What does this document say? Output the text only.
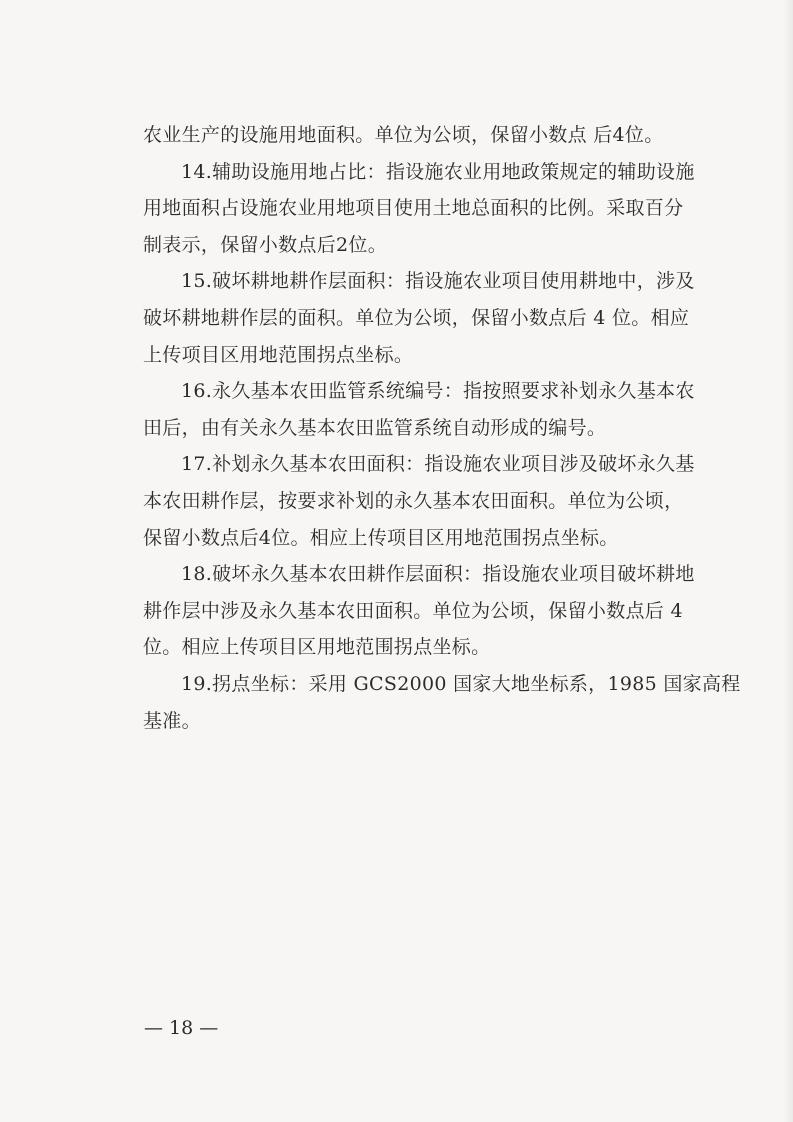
农业生产的设施用地面积。单位为公顷，保留小数点 后4位。
14.辅助设施用地占比：指设施农业用地政策规定的辅助设施
用地面积占设施农业用地项目使用土地总面积的比例。采取百分
制表示，保留小数点后2位。
15.破坏耕地耕作层面积：指设施农业项目使用耕地中，涉及
破坏耕地耕作层的面积。单位为公顷，保留小数点后 4 位。相应
上传项目区用地范围拐点坐标。
16.永久基本农田监管系统编号：指按照要求补划永久基本农
田后，由有关永久基本农田监管系统自动形成的编号。
17.补划永久基本农田面积：指设施农业项目涉及破坏永久基
本农田耕作层，按要求补划的永久基本农田面积。单位为公顷，
保留小数点后4位。相应上传项目区用地范围拐点坐标。
18.破坏永久基本农田耕作层面积：指设施农业项目破坏耕地
耕作层中涉及永久基本农田面积。单位为公顷，保留小数点后 4
位。相应上传项目区用地范围拐点坐标。
19.拐点坐标：采用 GCS2000 国家大地坐标系，1985 国家高程
基准。
— 18 —
